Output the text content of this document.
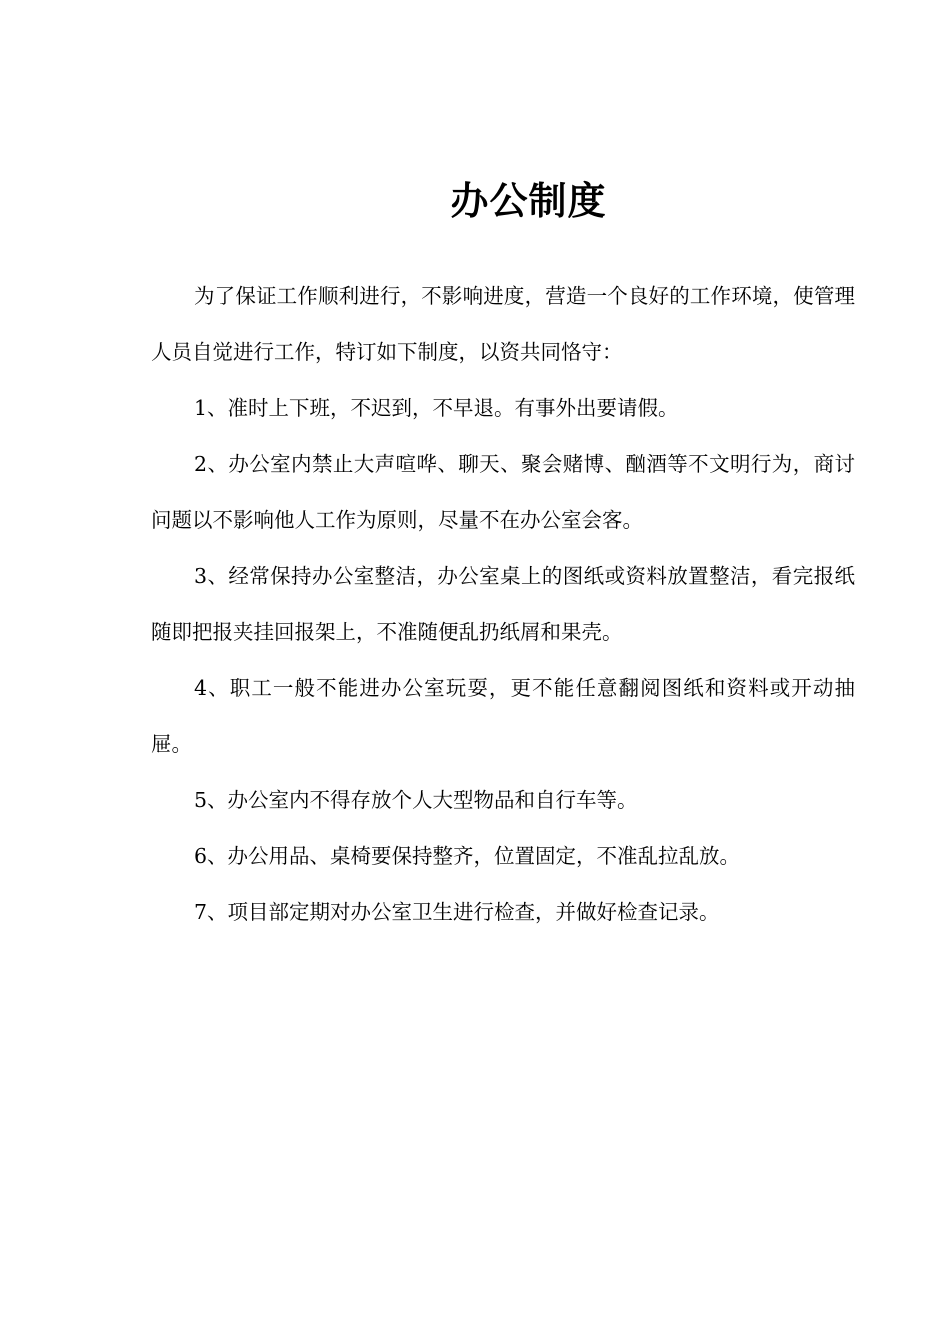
办公制度

为了保证工作顺利进行，不影响进度，营造一个良好的工作环境，使管理人员自觉进行工作，特订如下制度，以资共同恪守：

1、准时上下班，不迟到，不早退。有事外出要请假。

2、办公室内禁止大声喧哗、聊天、聚会赌博、酗酒等不文明行为，商讨问题以不影响他人工作为原则，尽量不在办公室会客。

3、经常保持办公室整洁，办公室桌上的图纸或资料放置整洁，看完报纸随即把报夹挂回报架上，不准随便乱扔纸屑和果壳。

4、职工一般不能进办公室玩耍，更不能任意翻阅图纸和资料或开动抽屉。

5、办公室内不得存放个人大型物品和自行车等。

6、办公用品、桌椅要保持整齐，位置固定，不准乱拉乱放。

7、项目部定期对办公室卫生进行检查，并做好检查记录。
